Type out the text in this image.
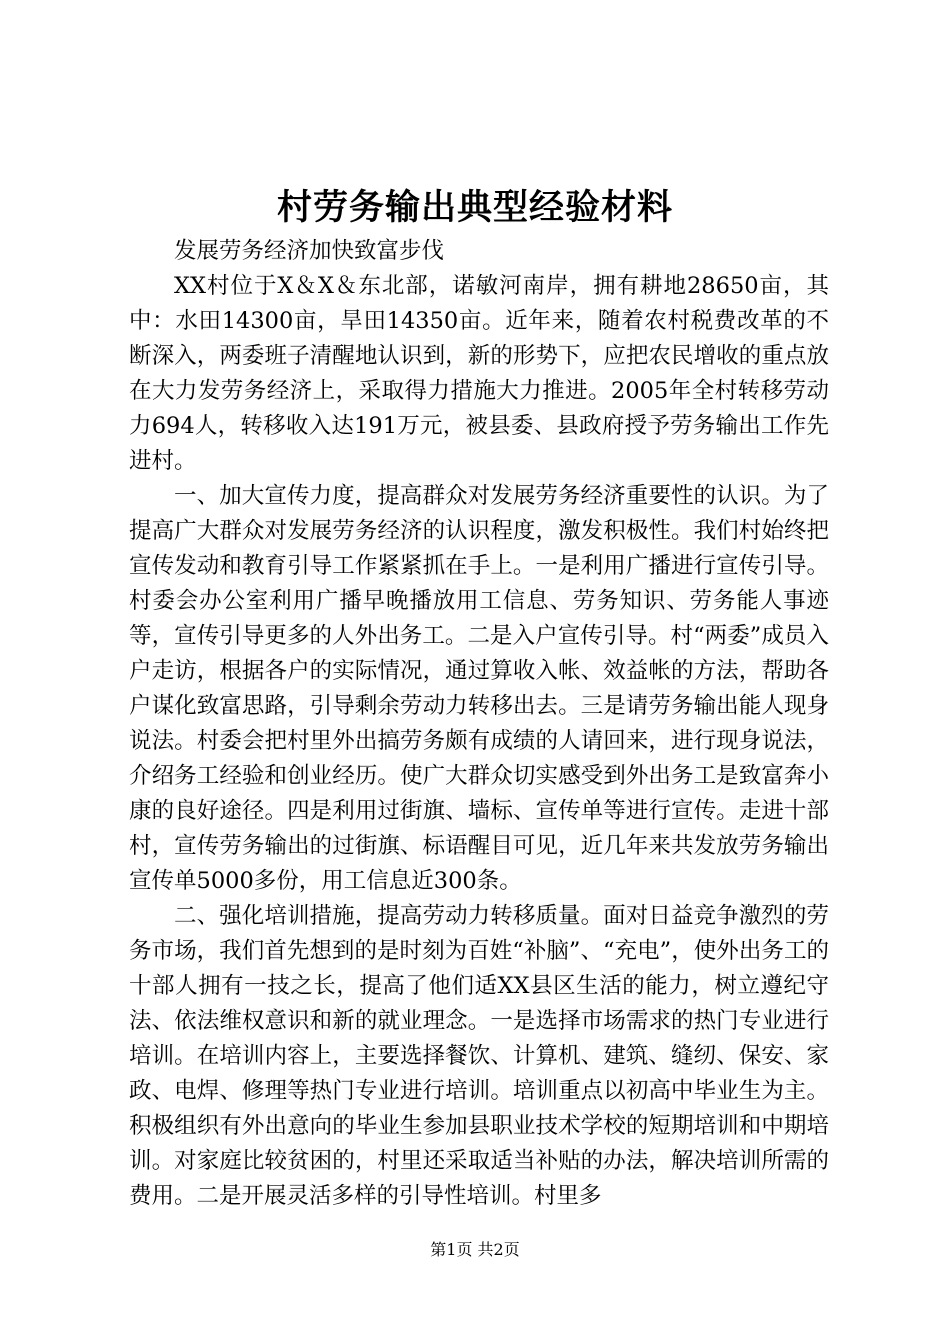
村劳务输出典型经验材料

发展劳务经济加快致富步伐

XX村位于X＆X＆东北部，诺敏河南岸，拥有耕地28650亩，其中：水田14300亩，旱田14350亩。近年来，随着农村税费改革的不断深入，两委班子清醒地认识到，新的形势下，应把农民增收的重点放在大力发劳务经济上，采取得力措施大力推进。2005年全村转移劳动力694人，转移收入达191万元，被县委、县政府授予劳务输出工作先进村。

一、加大宣传力度，提高群众对发展劳务经济重要性的认识。为了提高广大群众对发展劳务经济的认识程度，激发积极性。我们村始终把宣传发动和教育引导工作紧紧抓在手上。一是利用广播进行宣传引导。村委会办公室利用广播早晚播放用工信息、劳务知识、劳务能人事迹等，宣传引导更多的人外出务工。二是入户宣传引导。村“两委”成员入户走访，根据各户的实际情况，通过算收入帐、效益帐的方法，帮助各户谋化致富思路，引导剩余劳动力转移出去。三是请劳务输出能人现身说法。村委会把村里外出搞劳务颇有成绩的人请回来，进行现身说法，介绍务工经验和创业经历。使广大群众切实感受到外出务工是致富奔小康的良好途径。四是利用过街旗、墙标、宣传单等进行宣传。走进十部村，宣传劳务输出的过街旗、标语醒目可见，近几年来共发放劳务输出宣传单5000多份，用工信息近300条。

二、强化培训措施，提高劳动力转移质量。面对日益竞争激烈的劳务市场，我们首先想到的是时刻为百姓“补脑”、“充电”，使外出务工的十部人拥有一技之长，提高了他们适XX县区生活的能力，树立遵纪守法、依法维权意识和新的就业理念。一是选择市场需求的热门专业进行培训。在培训内容上，主要选择餐饮、计算机、建筑、缝纫、保安、家政、电焊、修理等热门专业进行培训。培训重点以初高中毕业生为主。积极组织有外出意向的毕业生参加县职业技术学校的短期培训和中期培训。对家庭比较贫困的，村里还采取适当补贴的办法，解决培训所需的费用。二是开展灵活多样的引导性培训。村里多

第1页 共2页
